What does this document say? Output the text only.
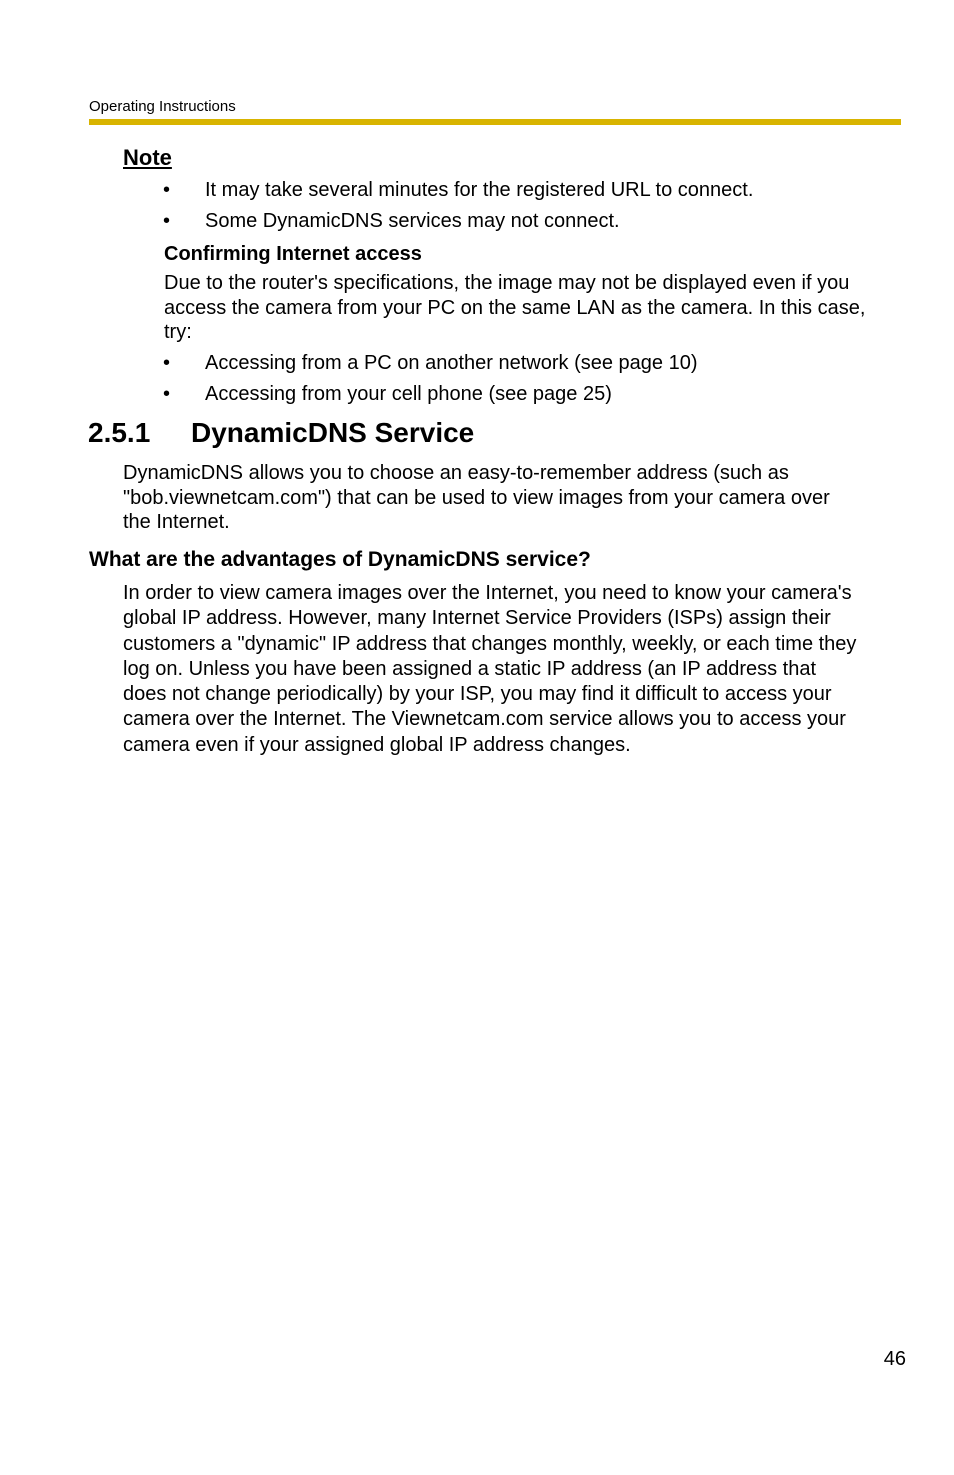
Operating Instructions
Note
• It may take several minutes for the registered URL to connect.
• Some DynamicDNS services may not connect.
Confirming Internet access
Due to the router's specifications, the image may not be displayed even if you
access the camera from your PC on the same LAN as the camera. In this case,
try:
• Accessing from a PC on another network (see page 10)
• Accessing from your cell phone (see page 25)
2.5.1 DynamicDNS Service
DynamicDNS allows you to choose an easy-to-remember address (such as
"bob.viewnetcam.com") that can be used to view images from your camera over
the Internet.
What are the advantages of DynamicDNS service?
In order to view camera images over the Internet, you need to know your camera's
global IP address. However, many Internet Service Providers (ISPs) assign their
customers a "dynamic" IP address that changes monthly, weekly, or each time they
log on. Unless you have been assigned a static IP address (an IP address that
does not change periodically) by your ISP, you may find it difficult to access your
camera over the Internet. The Viewnetcam.com service allows you to access your
camera even if your assigned global IP address changes.
46
